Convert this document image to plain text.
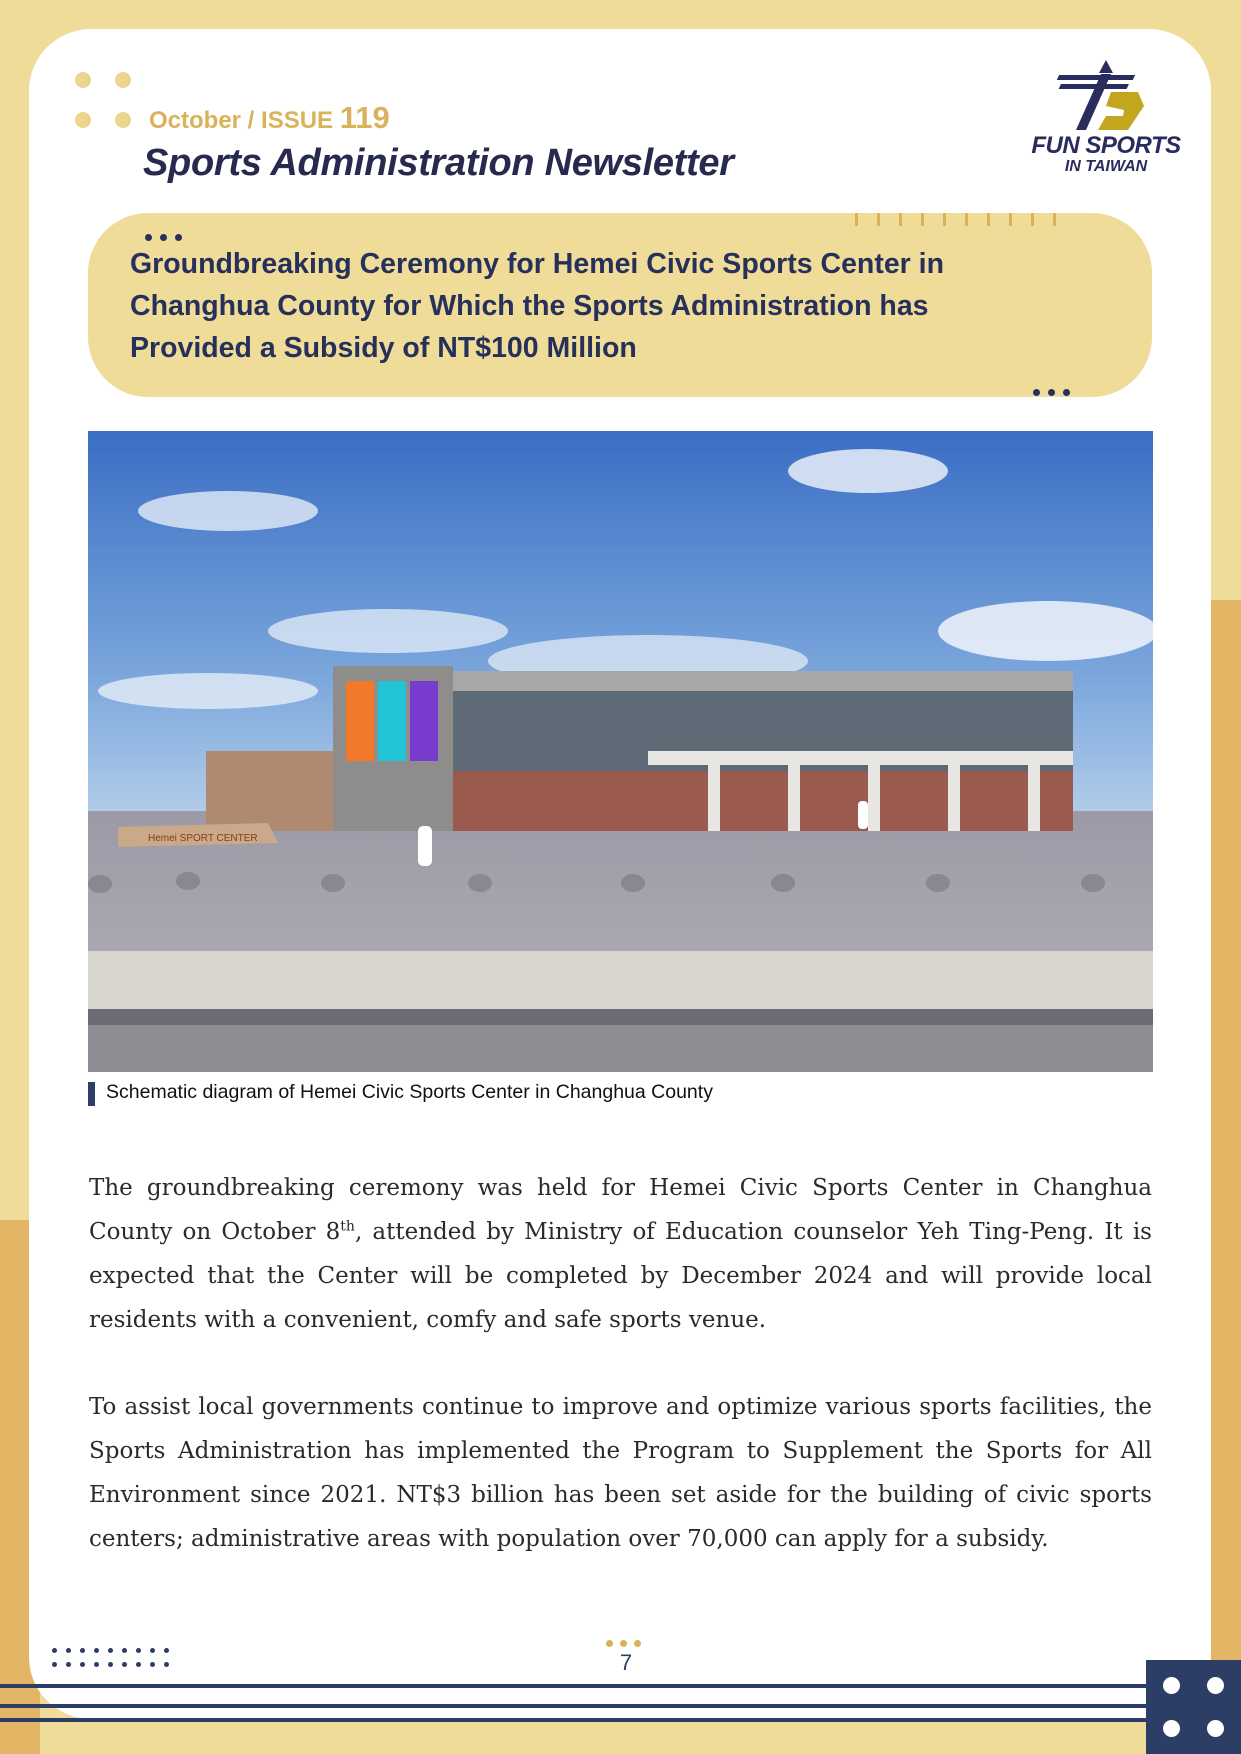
October / ISSUE 119
Sports Administration Newsletter	FUN SPORTS
IN TAIWAN
Groundbreaking Ceremony for Hemei Civic Sports Center in Changhua County for Which the Sports Administration has Provided a Subsidy of NT$100 Million
Hemei SPORT CENTER
Schematic diagram of Hemei Civic Sports Center in Changhua County

The groundbreaking ceremony was held for Hemei Civic Sports Center in Changhua County on October 8th, attended by Ministry of Education counselor Yeh Ting-Peng. It is expected that the Center will be completed by December 2024 and will provide local residents with a convenient, comfy and safe sports venue.

To assist local governments continue to improve and optimize various sports facilities, the Sports Administration has implemented the Program to Supplement the Sports for All Environment since 2021. NT$3 billion has been set aside for the building of civic sports centers; administrative areas with population over 70,000 can apply for a subsidy.

7
